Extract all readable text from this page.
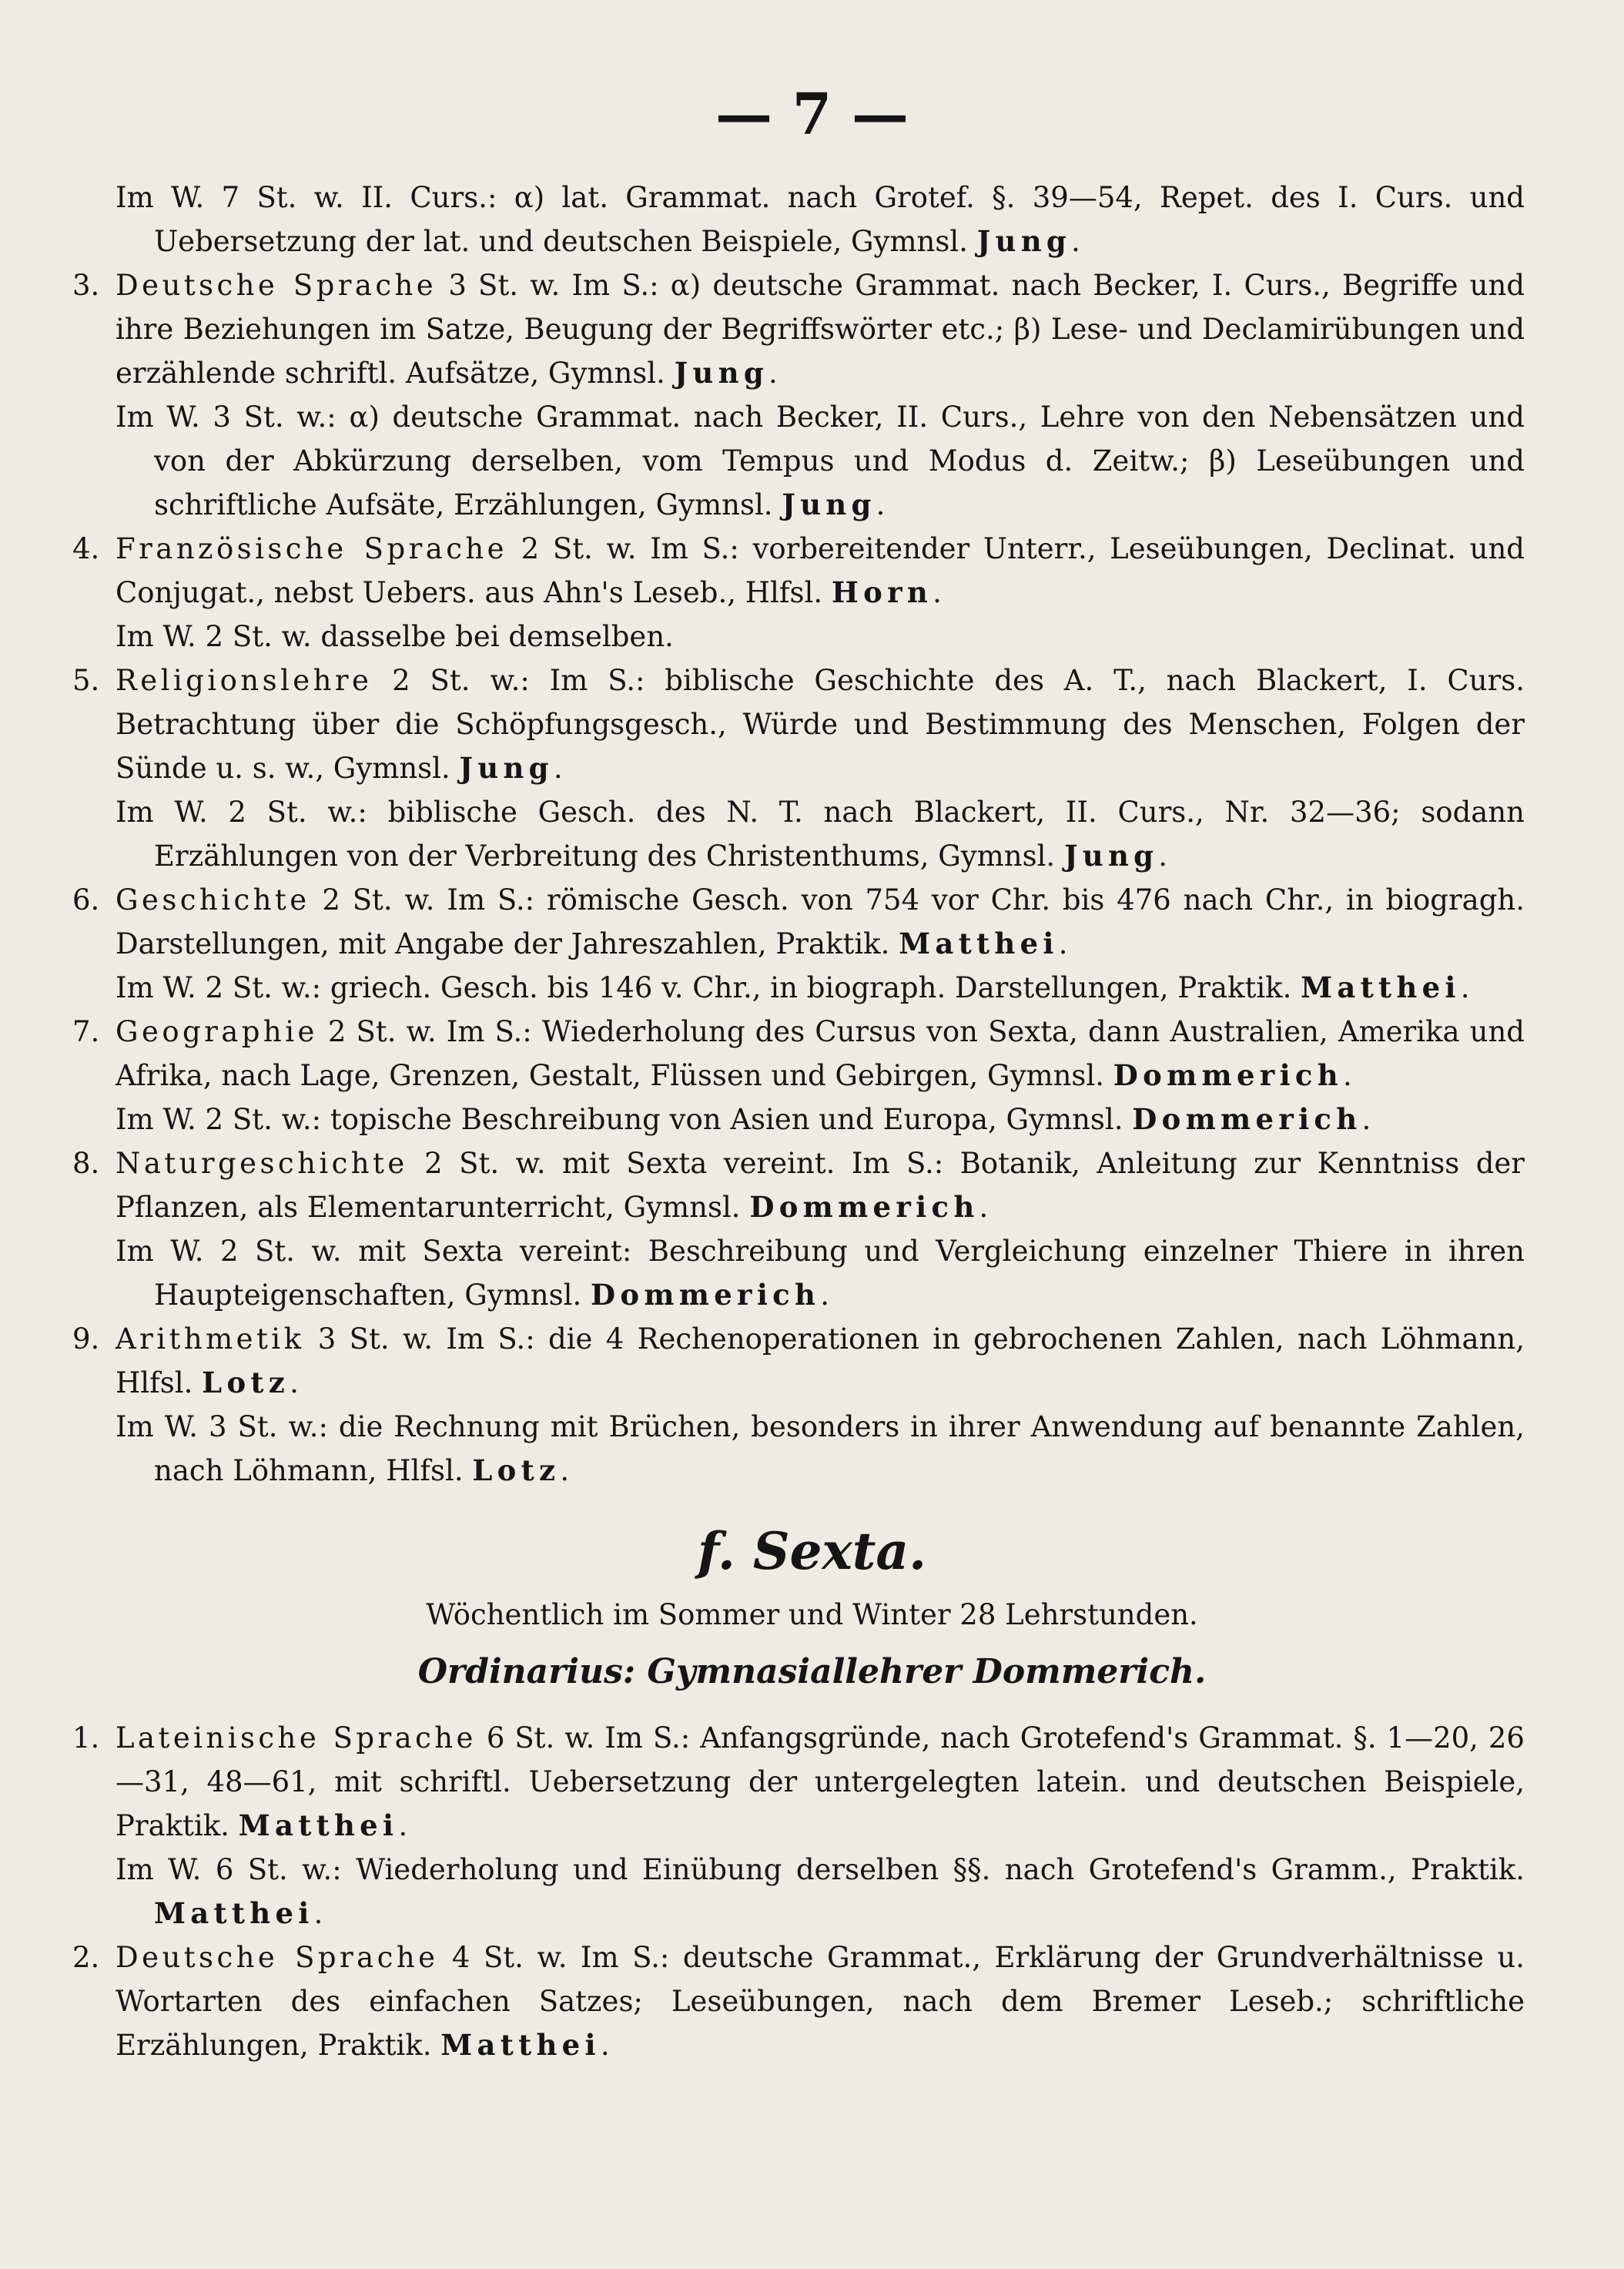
— 7 —
Im W. 7 St. w. II. Curs.: α) lat. Grammat. nach Grotef. §. 39—54, Repet. des I. Curs. und Uebersetzung der lat. und deutschen Beispiele, Gymnsl. Jung.
3. Deutsche Sprache 3 St. w. Im S.: α) deutsche Grammat. nach Becker, I. Curs., Begriffe und ihre Beziehungen im Satze, Beugung der Begriffswörter etc.; β) Lese- und Declamirübungen und erzählende schriftl. Aufsätze, Gymnsl. Jung.
Im W. 3 St. w.: α) deutsche Grammat. nach Becker, II. Curs., Lehre von den Nebensätzen und von der Abkürzung derselben, vom Tempus und Modus d. Zeitw.; β) Leseübungen und schriftliche Aufsäte, Erzählungen, Gymnsl. Jung.
4. Französische Sprache 2 St. w. Im S.: vorbereitender Unterr., Leseübungen, Declinat. und Conjugat., nebst Uebers. aus Ahn's Leseb., Hlfsl. Horn.
Im W. 2 St. w. dasselbe bei demselben.
5. Religionslehre 2 St. w.: Im S.: biblische Geschichte des A. T., nach Blackert, I. Curs. Betrachtung über die Schöpfungsgesch., Würde und Bestimmung des Menschen, Folgen der Sünde u. s. w., Gymnsl. Jung.
Im W. 2 St. w.: biblische Gesch. des N. T. nach Blackert, II. Curs., Nr. 32—36; sodann Erzählungen von der Verbreitung des Christenthums, Gymnsl. Jung.
6. Geschichte 2 St. w. Im S.: römische Gesch. von 754 vor Chr. bis 476 nach Chr., in biogragh. Darstellungen, mit Angabe der Jahreszahlen, Praktik. Matthei.
Im W. 2 St. w.: griech. Gesch. bis 146 v. Chr., in biograph. Darstellungen, Praktik. Matthei.
7. Geographie 2 St. w. Im S.: Wiederholung des Cursus von Sexta, dann Australien, Amerika und Afrika, nach Lage, Grenzen, Gestalt, Flüssen und Gebirgen, Gymnsl. Dommerich.
Im W. 2 St. w.: topische Beschreibung von Asien und Europa, Gymnsl. Dommerich.
8. Naturgeschichte 2 St. w. mit Sexta vereint. Im S.: Botanik, Anleitung zur Kenntniss der Pflanzen, als Elementarunterricht, Gymnsl. Dommerich.
Im W. 2 St. w. mit Sexta vereint: Beschreibung und Vergleichung einzelner Thiere in ihren Haupteigenschaften, Gymnsl. Dommerich.
9. Arithmetik 3 St. w. Im S.: die 4 Rechenoperationen in gebrochenen Zahlen, nach Löhmann, Hlfsl. Lotz.
Im W. 3 St. w.: die Rechnung mit Brüchen, besonders in ihrer Anwendung auf benannte Zahlen, nach Löhmann, Hlfsl. Lotz.
f. Sexta.
Wöchentlich im Sommer und Winter 28 Lehrstunden.
Ordinarius: Gymnasiallehrer Dommerich.
1. Lateinische Sprache 6 St. w. Im S.: Anfangsgründe, nach Grotefend's Grammat. §. 1—20, 26—31, 48—61, mit schriftl. Uebersetzung der untergelegten latein. und deutschen Beispiele, Praktik. Matthei.
Im W. 6 St. w.: Wiederholung und Einübung derselben §§. nach Grotefend's Gramm., Praktik. Matthei.
2. Deutsche Sprache 4 St. w. Im S.: deutsche Grammat., Erklärung der Grundverhältnisse u. Wortarten des einfachen Satzes; Leseübungen, nach dem Bremer Leseb.; schriftliche Erzählungen, Praktik. Matthei.
